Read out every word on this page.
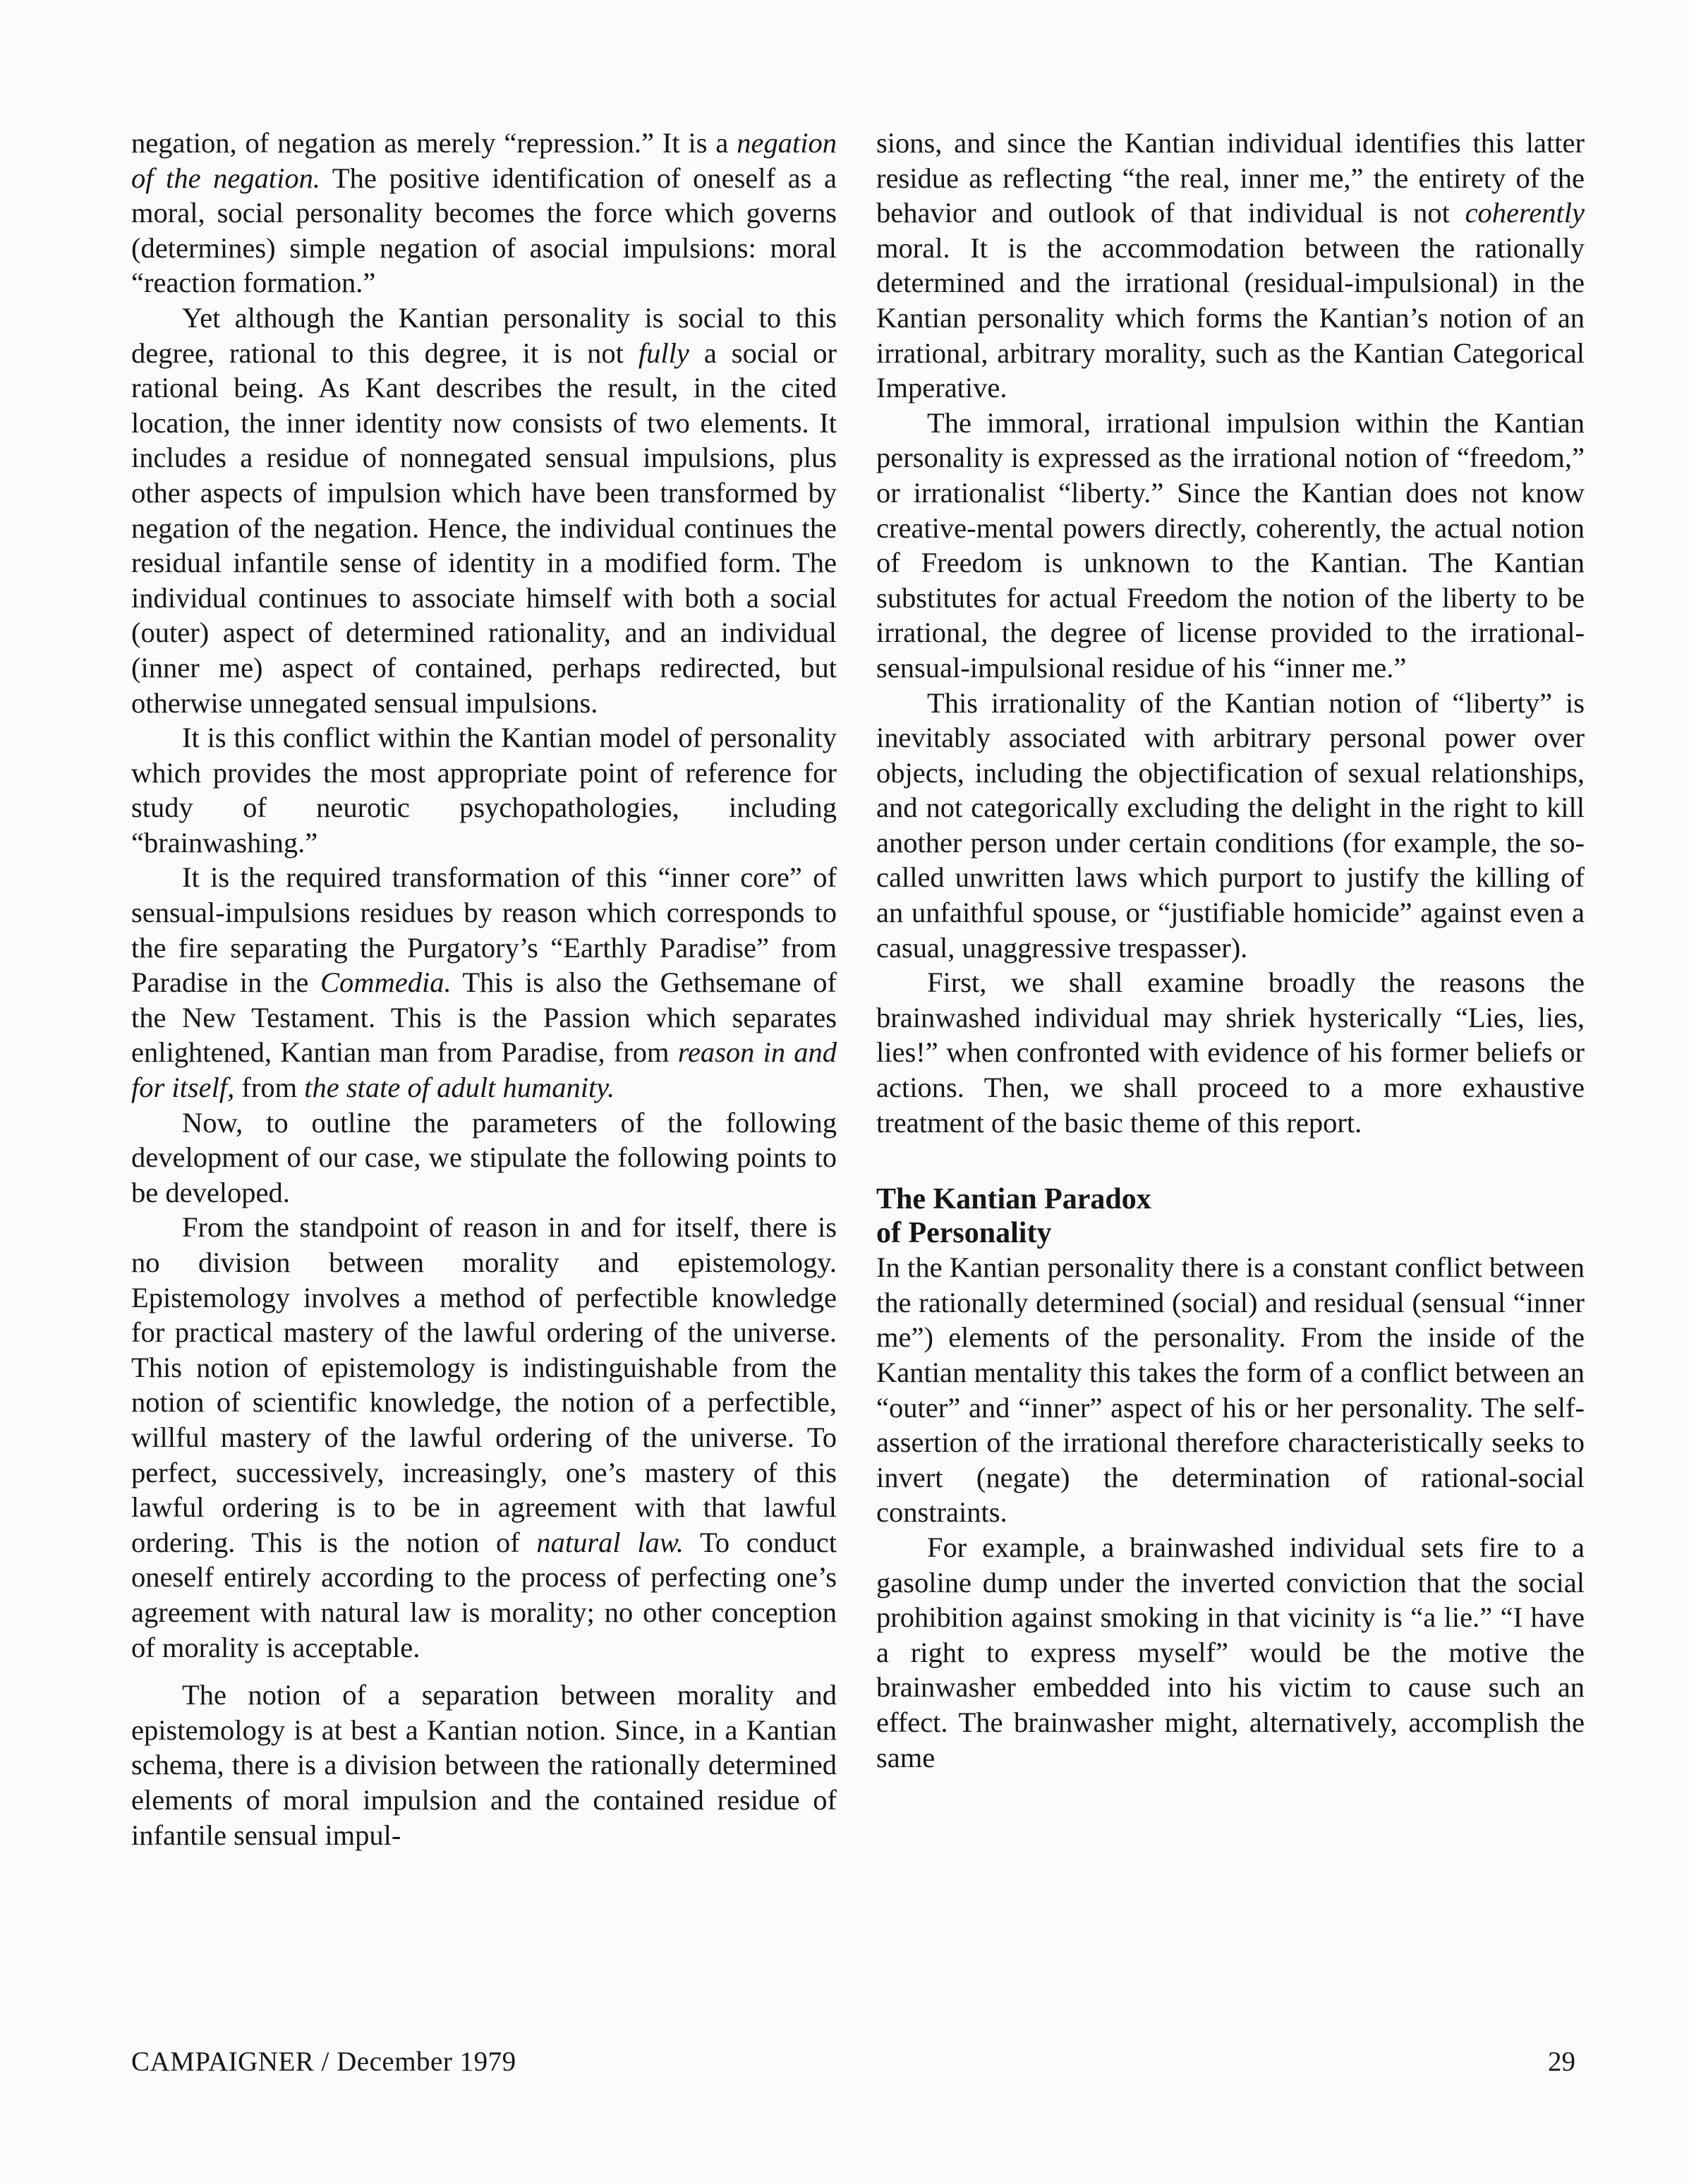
negation, of negation as merely “repression.” It is a negation of the negation. The positive identification of oneself as a moral, social personality becomes the force which governs (determines) simple negation of asocial impulsions: moral “reaction formation.”

Yet although the Kantian personality is social to this degree, rational to this degree, it is not fully a social or rational being. As Kant describes the result, in the cited location, the inner identity now consists of two elements. It includes a residue of nonnegated sensual impulsions, plus other aspects of impulsion which have been transformed by negation of the negation. Hence, the individual continues the residual infantile sense of identity in a modified form. The individual continues to associate himself with both a social (outer) aspect of determined rationality, and an individual (inner me) aspect of contained, perhaps redirected, but otherwise unnegated sensual impulsions.

It is this conflict within the Kantian model of personality which provides the most appropriate point of reference for study of neurotic psychopathologies, including “brainwashing.”

It is the required transformation of this “inner core” of sensual-impulsions residues by reason which corresponds to the fire separating the Purgatory’s “Earthly Paradise” from Paradise in the Commedia. This is also the Gethsemane of the New Testament. This is the Passion which separates enlightened, Kantian man from Paradise, from reason in and for itself, from the state of adult humanity.

Now, to outline the parameters of the following development of our case, we stipulate the following points to be developed.

From the standpoint of reason in and for itself, there is no division between morality and epistemology. Epistemology involves a method of perfectible knowledge for practical mastery of the lawful ordering of the universe. This notion of epistemology is indistinguishable from the notion of scientific knowledge, the notion of a perfectible, willful mastery of the lawful ordering of the universe. To perfect, successively, increasingly, one’s mastery of this lawful ordering is to be in agreement with that lawful ordering. This is the notion of natural law. To conduct oneself entirely according to the process of perfecting one’s agreement with natural law is morality; no other conception of morality is acceptable.

The notion of a separation between morality and epistemology is at best a Kantian notion. Since, in a Kantian schema, there is a division between the rationally determined elements of moral impulsion and the contained residue of infantile sensual impul-

sions, and since the Kantian individual identifies this latter residue as reflecting “the real, inner me,” the entirety of the behavior and outlook of that individual is not coherently moral. It is the accommodation between the rationally determined and the irrational (residual-impulsional) in the Kantian personality which forms the Kantian’s notion of an irrational, arbitrary morality, such as the Kantian Categorical Imperative.

The immoral, irrational impulsion within the Kantian personality is expressed as the irrational notion of “freedom,” or irrationalist “liberty.” Since the Kantian does not know creative-mental powers directly, coherently, the actual notion of Freedom is unknown to the Kantian. The Kantian substitutes for actual Freedom the notion of the liberty to be irrational, the degree of license provided to the irrational-sensual-impulsional residue of his “inner me.”

This irrationality of the Kantian notion of “liberty” is inevitably associated with arbitrary personal power over objects, including the objectification of sexual relationships, and not categorically excluding the delight in the right to kill another person under certain conditions (for example, the so-called unwritten laws which purport to justify the killing of an unfaithful spouse, or “justifiable homicide” against even a casual, unaggressive trespasser).

First, we shall examine broadly the reasons the brainwashed individual may shriek hysterically “Lies, lies, lies!” when confronted with evidence of his former beliefs or actions. Then, we shall proceed to a more exhaustive treatment of the basic theme of this report.

The Kantian Paradox
of Personality

In the Kantian personality there is a constant conflict between the rationally determined (social) and residual (sensual “inner me”) elements of the personality. From the inside of the Kantian mentality this takes the form of a conflict between an “outer” and “inner” aspect of his or her personality. The self-assertion of the irrational therefore characteristically seeks to invert (negate) the determination of rational-social constraints.

For example, a brainwashed individual sets fire to a gasoline dump under the inverted conviction that the social prohibition against smoking in that vicinity is “a lie.” “I have a right to express myself” would be the motive the brainwasher embedded into his victim to cause such an effect. The brainwasher might, alternatively, accomplish the same

CAMPAIGNER / December 1979	29
